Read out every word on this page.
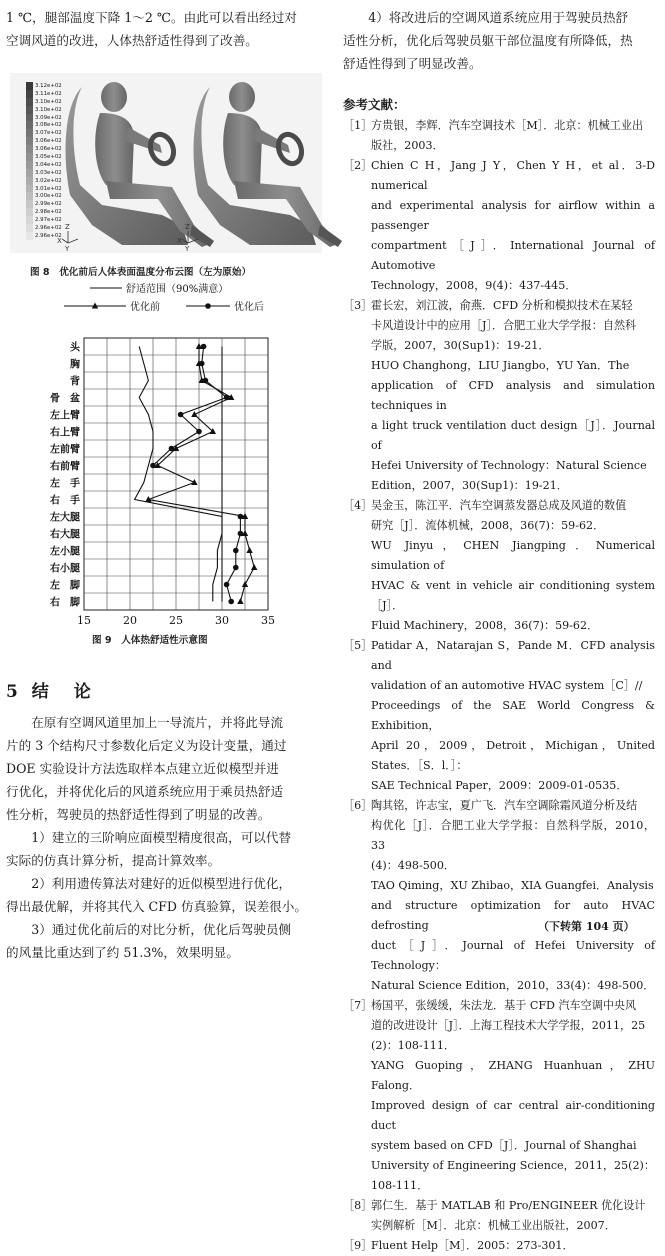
1 ℃，腿部温度下降 1～2 ℃。由此可以看出经过对
空调风道的改进，人体热舒适性得到了改善。
3.12e+02
3.11e+02
3.10e+02
3.10e+02
3.09e+02
3.08e+02
3.07e+02
3.06e+02
3.06e+02
3.05e+02
3.04e+02
3.03e+02
3.02e+02
3.01e+02
3.00e+02
2.99e+02
2.98e+02
2.97e+02
2.96e+02
2.96e+02
Z
X
Y
Z
X
Y
图 8　优化前后人体表面温度分布云图（左为原始）
15	20	25	30	35
头
胸
背
骨　盆
左上臂
右上臂
左前臂
右前臂
左　手
右　手
左大腿
右大腿
左小腿
右小腿
左　脚
右　脚
舒适范围（90%满意）
优化前	优化后
图 9　人体热舒适性示意图
5 结　论
　　在原有空调风道里加上一导流片，并将此导流
片的 3 个结构尺寸参数化后定义为设计变量，通过
DOE 实验设计方法选取样本点建立近似模型并进
行优化，并将优化后的风道系统应用于乘员热舒适
性分析，驾驶员的热舒适性得到了明显的改善。
　　1）建立的三阶响应面模型精度很高，可以代替
实际的仿真计算分析，提高计算效率。
　　2）利用遗传算法对建好的近似模型进行优化，
得出最优解，并将其代入 CFD 仿真验算，误差很小。
　　3）通过优化前后的对比分析，优化后驾驶员侧
的风量比重达到了约 51.3%，效果明显。
　　4）将改进后的空调风道系统应用于驾驶员热舒
适性分析，优化后驾驶员躯干部位温度有所降低，热
舒适性得到了明显改善。
参考文献：
［1］
方贵银，李辉．汽车空调技术［M］．北京：机械工业出
版社，2003．
［2］
Chien C H，Jang J Y，Chen Y H，et al．3-D numerical
and experimental analysis for airflow within a passenger
compartment［J］．International Journal of Automotive
Technology，2008，9(4)：437-445．
［3］
霍长宏，刘江波，俞燕．CFD 分析和模拟技术在某轻
卡风道设计中的应用［J］．合肥工业大学学报：自然科
学版，2007，30(Sup1)：19-21．
HUO Changhong，LIU Jiangbo，YU Yan．The
application of CFD analysis and simulation techniques in
a light truck ventilation duct design［J］．Journal of
Hefei University of Technology：Natural Science
Edition，2007，30(Sup1)：19-21．
［4］
吴金玉，陈江平．汽车空调蒸发器总成及风道的数值
研究［J］．流体机械，2008，36(7)：59-62．
WU Jinyu，CHEN Jiangping．Numerical simulation of
HVAC & vent in vehicle air conditioning system［J］．
Fluid Machinery，2008，36(7)：59-62．
［5］
Patidar A，Natarajan S，Pande M．CFD analysis and
validation of an automotive HVAC system［C］//
Proceedings of the SAE World Congress & Exhibition，
April 20，2009，Detroit，Michigan，United States．［S．l．］：
SAE Technical Paper，2009：2009-01-0535．
［6］
陶其铭，许志宝，夏广飞．汽车空调除霜风道分析及结
构优化［J］．合肥工业大学学报：自然科学版，2010，33
(4)：498-500．
TAO Qiming，XU Zhibao，XIA Guangfei．Analysis
and structure optimization for auto HVAC defrosting
duct［J］．Journal of Hefei University of Technology：
Natural Science Edition，2010，33(4)：498-500．
［7］
杨国平，张缓缓，朱法龙．基于 CFD 汽车空调中央风
道的改进设计［J］．上海工程技术大学学报，2011，25
(2)：108-111．
YANG Guoping，ZHANG Huanhuan，ZHU Falong．
Improved design of car central air-conditioning duct
system based on CFD［J］．Journal of Shanghai
University of Engineering Science，2011，25(2)：
108-111．
［8］
郭仁生．基于 MATLAB 和 Pro/ENGINEER 优化设计
实例解析［M］．北京：机械工业出版社，2007．
［9］
Fluent Help［M］．2005：273-301．
（下转第 104 页）
